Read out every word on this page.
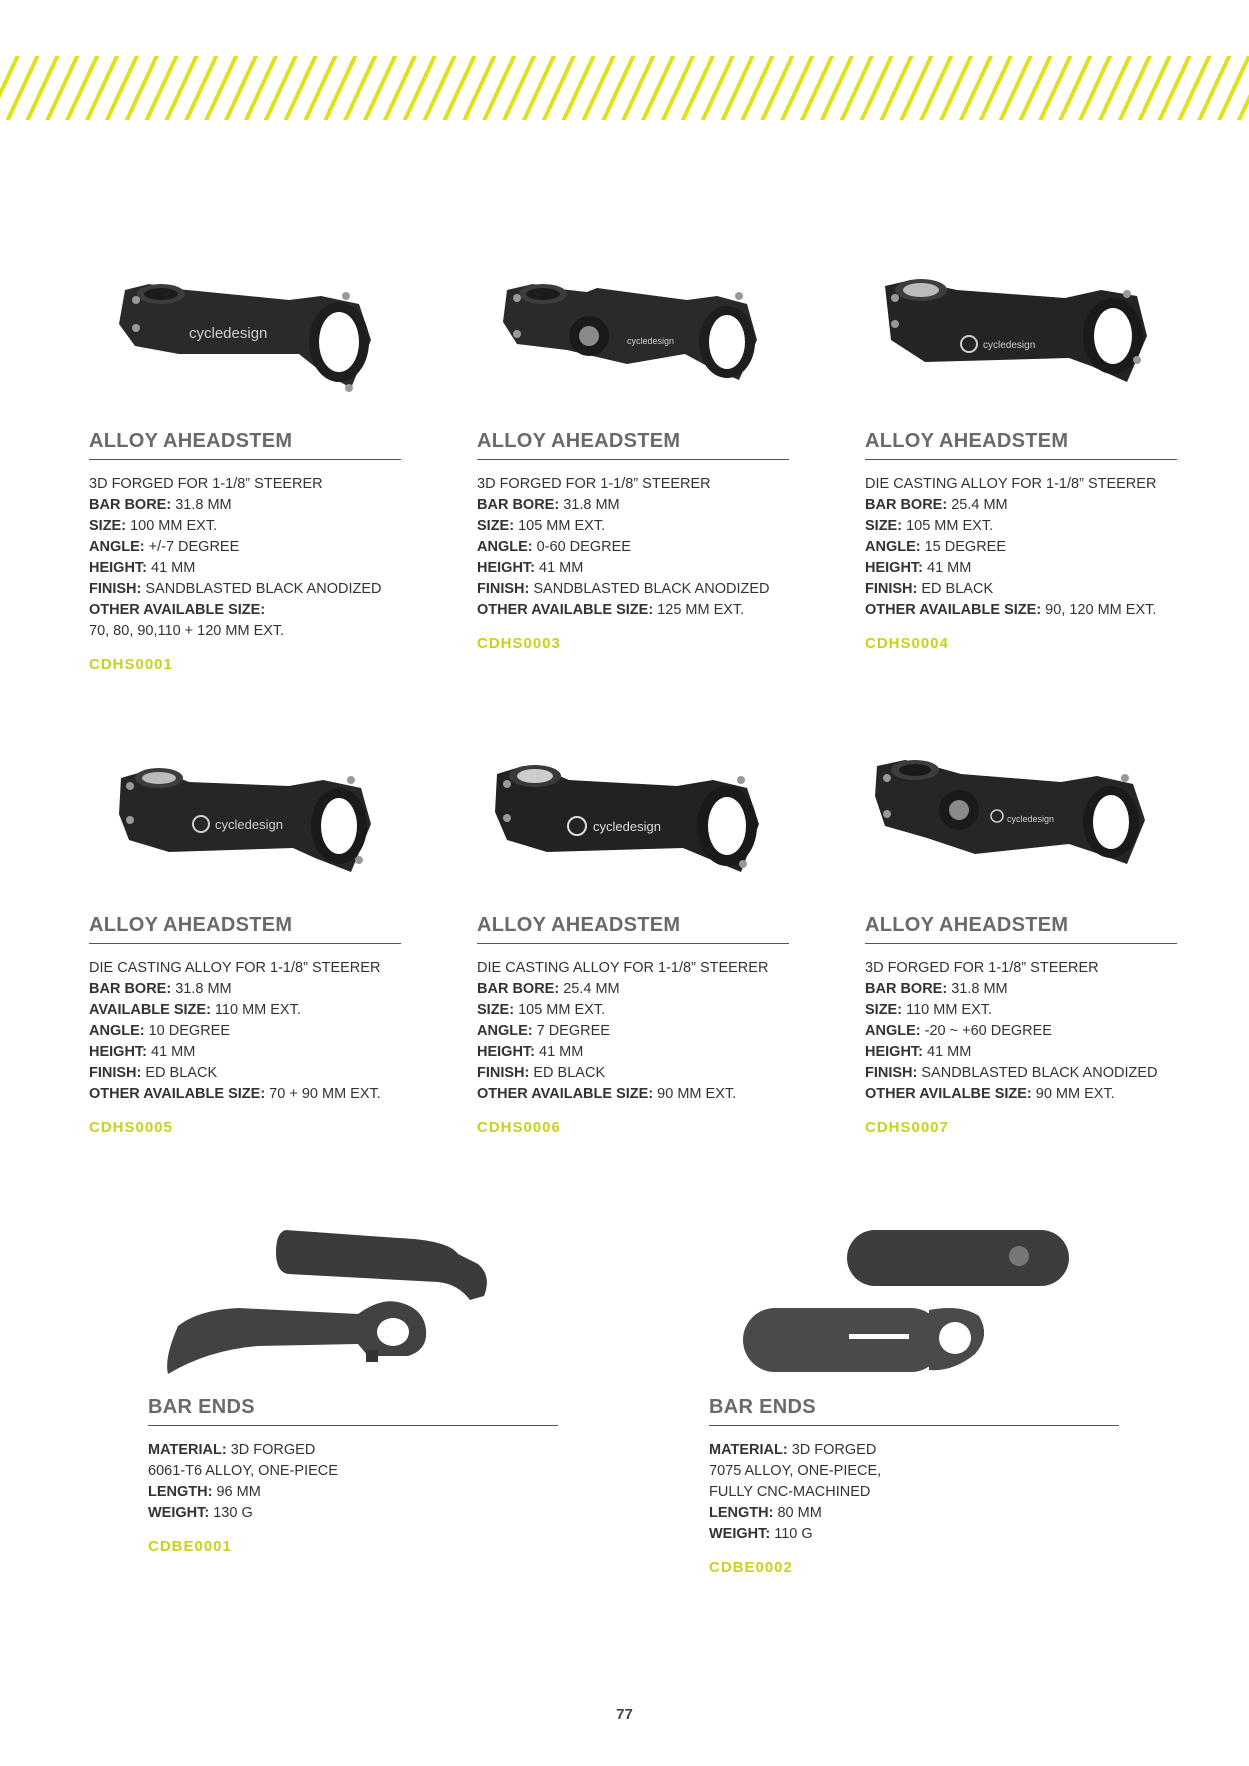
cycledesign
ALLOY AHEADSTEM
3D FORGED FOR 1-1/8” STEERER
BAR BORE: 31.8 MM
SIZE: 100 MM EXT.
ANGLE: +/-7 DEGREE
HEIGHT: 41 MM
FINISH: SANDBLASTED BLACK ANODIZED
OTHER AVAILABLE SIZE:
70, 80, 90,110 + 120 MM EXT.
CDHS0001
cycledesign
ALLOY AHEADSTEM
3D FORGED FOR 1-1/8” STEERER
BAR BORE: 31.8 MM
SIZE: 105 MM EXT.
ANGLE: 0-60 DEGREE
HEIGHT: 41 MM
FINISH: SANDBLASTED BLACK ANODIZED
OTHER AVAILABLE SIZE: 125 MM EXT.
CDHS0003
cycledesign
ALLOY AHEADSTEM
DIE CASTING ALLOY FOR 1-1/8” STEERER
BAR BORE: 25.4 MM
SIZE: 105 MM EXT.
ANGLE: 15 DEGREE
HEIGHT: 41 MM
FINISH: ED BLACK
OTHER AVAILABLE SIZE: 90, 120 MM EXT.
CDHS0004
cycledesign
ALLOY AHEADSTEM
DIE CASTING ALLOY FOR 1-1/8” STEERER
BAR BORE: 31.8 MM
AVAILABLE SIZE: 110 MM EXT.
ANGLE: 10 DEGREE
HEIGHT: 41 MM
FINISH: ED BLACK
OTHER AVAILABLE SIZE: 70 + 90 MM EXT.
CDHS0005
cycledesign
ALLOY AHEADSTEM
DIE CASTING ALLOY FOR 1-1/8” STEERER
BAR BORE: 25.4 MM
SIZE: 105 MM EXT.
ANGLE: 7 DEGREE
HEIGHT: 41 MM
FINISH: ED BLACK
OTHER AVAILABLE SIZE: 90 MM EXT.
CDHS0006
cycledesign
ALLOY AHEADSTEM
3D FORGED FOR 1-1/8” STEERER
BAR BORE: 31.8 MM
SIZE: 110 MM EXT.
ANGLE: -20 ~ +60 DEGREE
HEIGHT: 41 MM
FINISH: SANDBLASTED BLACK ANODIZED
OTHER AVILALBE SIZE: 90 MM EXT.
CDHS0007
BAR ENDS
MATERIAL: 3D FORGED
6061-T6 ALLOY, ONE-PIECE
LENGTH: 96 MM
WEIGHT: 130 G
CDBE0001
BAR ENDS
MATERIAL: 3D FORGED
7075 ALLOY, ONE-PIECE,
FULLY CNC-MACHINED
LENGTH: 80 MM
WEIGHT: 110 G
CDBE0002
77
